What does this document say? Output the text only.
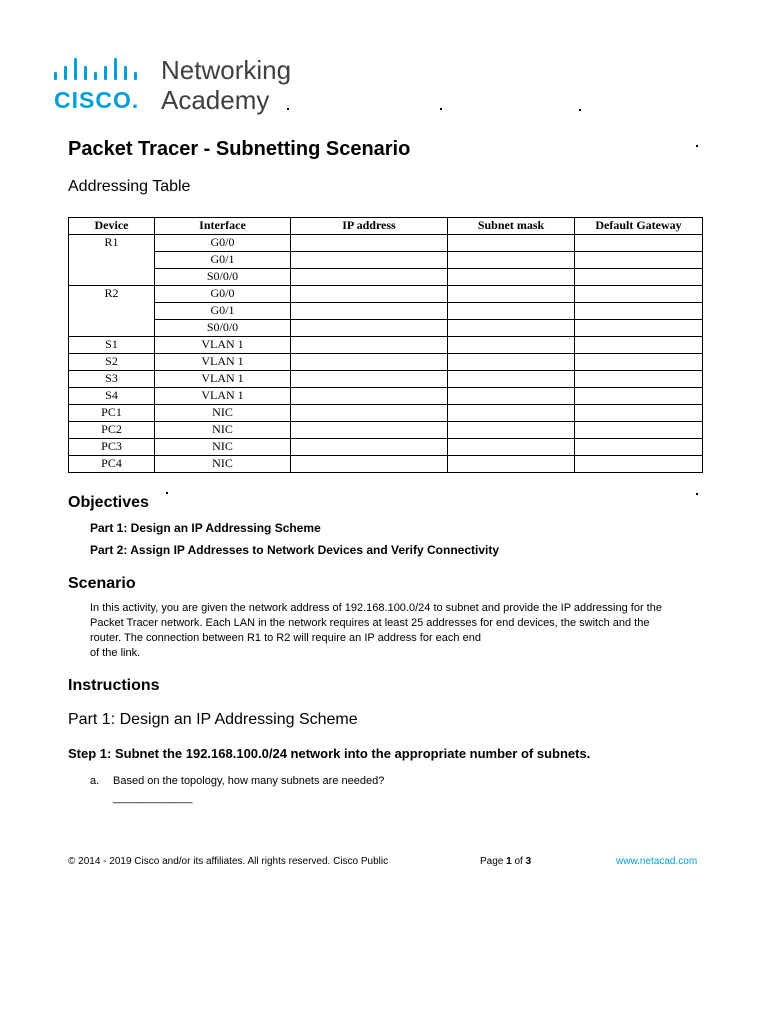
CISCO.
Networking
Academy
Packet Tracer - Subnetting Scenario
Addressing Table
Device	Interface	IP address	Subnet mask	Default Gateway
R1	G0/0			
	G0/1			
	S0/0/0			
R2	G0/0			
	G0/1			
	S0/0/0			
S1	VLAN 1			
S2	VLAN 1			
S3	VLAN 1			
S4	VLAN 1			
PC1	NIC			
PC2	NIC			
PC3	NIC			
PC4	NIC			
Objectives
Part 1: Design an IP Addressing Scheme
Part 2: Assign IP Addresses to Network Devices and Verify Connectivity
Scenario
In this activity, you are given the network address of 192.168.100.0/24 to subnet and provide the IP addressing for the
Packet Tracer network. Each LAN in the network requires at least 25 addresses for end devices, the switch and the
router. The connection between R1 to R2 will require an IP address for each end
of the link.
Instructions
Part 1: Design an IP Addressing Scheme
Step 1: Subnet the 192.168.100.0/24 network into the appropriate number of subnets.
a. Based on the topology, how many subnets are needed?
_____________
© 2014 - 2019 Cisco and/or its affiliates. All rights reserved. Cisco Public	Page 1 of 3	www.netacad.com
